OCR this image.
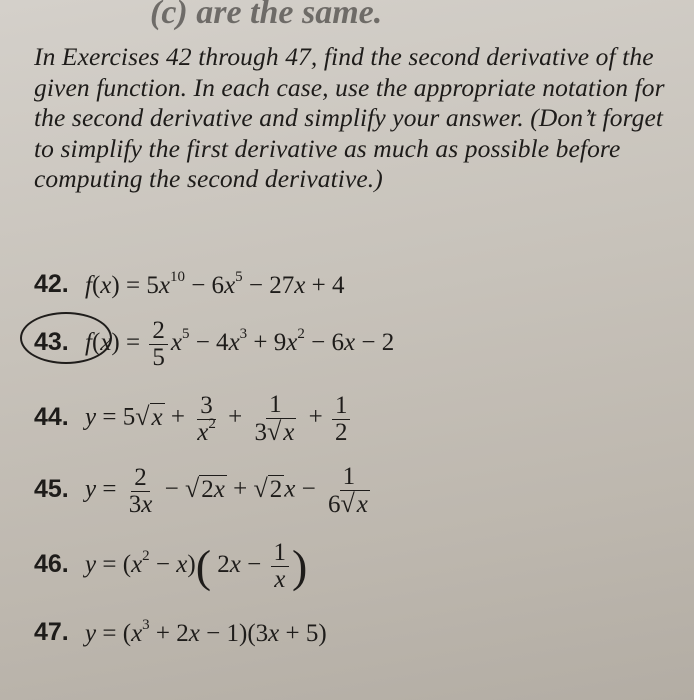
(c) are the same.
In Exercises 42 through 47, find the second derivative of the given function. In each case, use the appropriate notation for the second derivative and simplify your answer. (Don’t forget to simplify the first derivative as much as possible before computing the second derivative.)
42. $f(x) = 5x^{10} - 6x^5 - 27x + 4$
43. $f(x) = \frac{2}{5} x^5 - 4x^3 + 9x^2 - 6x - 2$
44. $y = 5√x + \frac{3}{x^2} + \frac{1}{3√x} + \frac{1}{2}$
45. $y = \frac{2}{3x} - √2x + √2x - \frac{1}{6√x}$
46. $y = (x^2 - x)$( $2x - \frac{1}{x}$ )
47. $y = (x^3 + 2x - 1)(3x + 5)$
